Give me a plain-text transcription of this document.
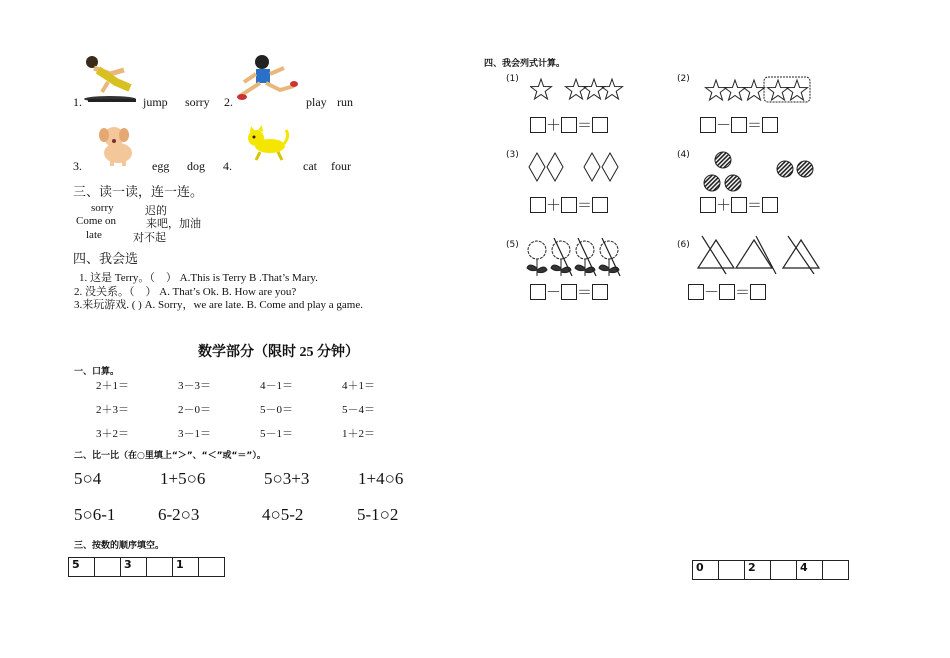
1.	jump sorry 2.	play run
3.	egg dog 4.	cat four
三、读一读，连一连。
sorry	迟的
Come on	来吧，加油
late	对不起
四、我会选
1. 这是 Terry。（　） A.This is Terry B .That’s Mary.
2. 没关系。（　） A. That’s Ok. B. How are you?
3.来玩游戏. ( ) A. Sorry，we are late. B. Come and play a game.
数学部分（限时 25 分钟）
一、口算。
2＋1＝	3－3＝	4－1＝	4＋1＝
2＋3＝	2－0＝	5－0＝	5－4＝
3＋2＝	3－1＝	5－1＝	1＋2＝
二、比一比（在○里填上“＞”、“＜”或“＝”）。
5○4	1+5○6	5○3+3	1+4○6
5○6-1	6-2○3	4○5-2	5-1○2
三、按数的顺序填空。
5		3		1	
四、我会列式计算。
(1)
＋ ＝
(2)
－ ＝
(3)
＋ ＝
(4)
＋ ＝
(5)
－ ＝
(6)
－ ＝
0		2		4	
